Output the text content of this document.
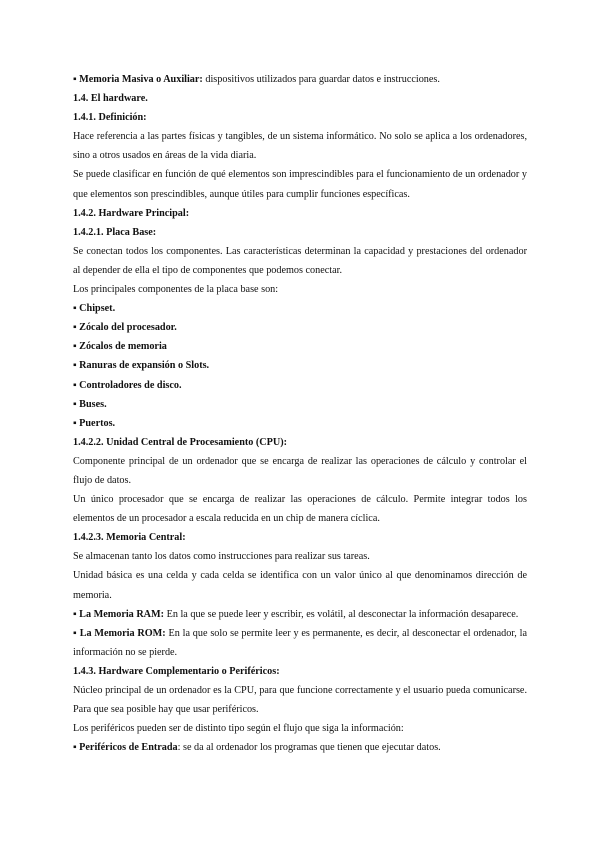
▪ Memoria Masiva o Auxiliar: dispositivos utilizados para guardar datos e instrucciones.

1.4. El hardware.

1.4.1. Definición:

Hace referencia a las partes físicas y tangibles, de un sistema informático. No solo se aplica a los ordenadores, sino a otros usados en áreas de la vida diaria.

Se puede clasificar en función de qué elementos son imprescindibles para el funcionamiento de un ordenador y que elementos son prescindibles, aunque útiles para cumplir funciones específicas.

1.4.2. Hardware Principal:

1.4.2.1. Placa Base:

Se conectan todos los componentes. Las características determinan la capacidad y prestaciones del ordenador al depender de ella el tipo de componentes que podemos conectar.

Los principales componentes de la placa base son:

▪ Chipset.

▪ Zócalo del procesador.

▪ Zócalos de memoria

▪ Ranuras de expansión o Slots.

▪ Controladores de disco.

▪ Buses.

▪ Puertos.

1.4.2.2. Unidad Central de Procesamiento (CPU):

Componente principal de un ordenador que se encarga de realizar las operaciones de cálculo y controlar el flujo de datos.

Un único procesador que se encarga de realizar las operaciones de cálculo. Permite integrar todos los elementos de un procesador a escala reducida en un chip de manera cíclica.

1.4.2.3. Memoria Central:

Se almacenan tanto los datos como instrucciones para realizar sus tareas.

Unidad básica es una celda y cada celda se identifica con un valor único al que denominamos dirección de memoria.

▪ La Memoria RAM: En la que se puede leer y escribir, es volátil, al desconectar la información desaparece.

▪ La Memoria ROM: En la que solo se permite leer y es permanente, es decir, al desconectar el ordenador, la información no se pierde.

1.4.3. Hardware Complementario o Periféricos:

Núcleo principal de un ordenador es la CPU, para que funcione correctamente y el usuario pueda comunicarse. Para que sea posible hay que usar periféricos.

Los periféricos pueden ser de distinto tipo según el flujo que siga la información:

▪ Periféricos de Entrada: se da al ordenador los programas que tienen que ejecutar datos.
